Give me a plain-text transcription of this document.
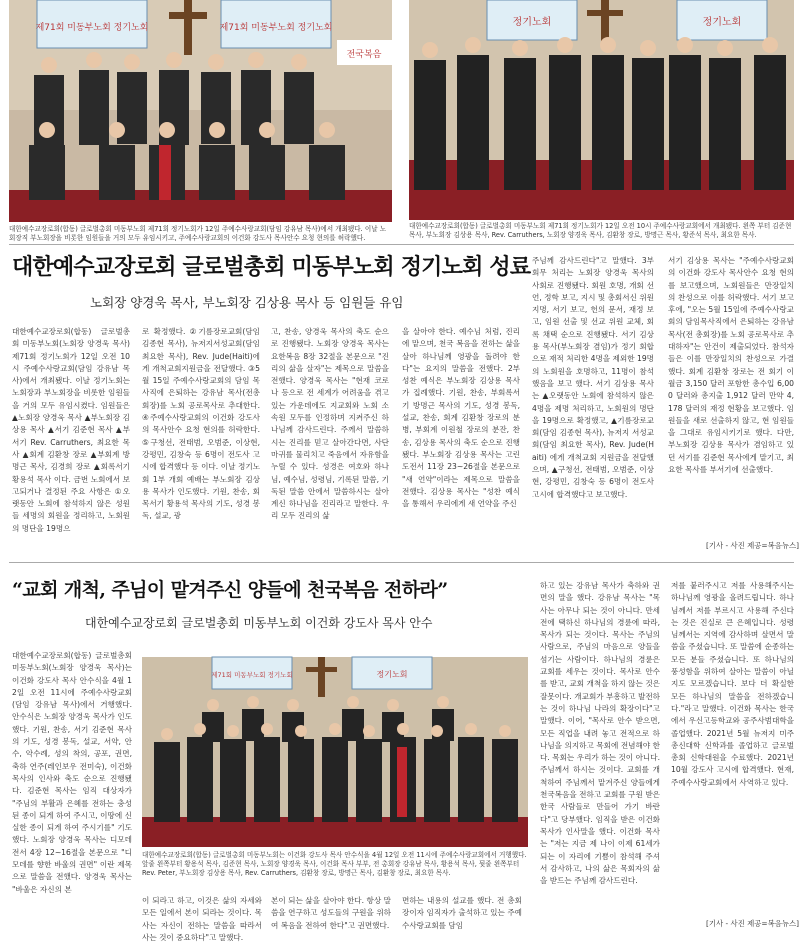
제71회 미동부노회 정기노회	제71회 미동부노회 정기노회
전국복음

대한예수교장로회(합동) 글로벌총회 미동부노회 제71회 정기노회가 12일 주예수사랑교회(담임 강유남 목사)에서 개최됐다. 이날 노회장직 부노회장을 비롯한 임원들을 거의 모두 유임시키고, 주예수사랑교회의 이건화 강도사 목사안수 요청 현의를 허락했다.

정기노회	정기노회

대한예수교장로회(합동) 글로벌총회 미동부노회 제71회 정기노회가 12일 오전 10시 주예수사랑교회에서 개최됐다. 왼쪽 부터 김준현 목사, 부노회장 김상용 목사, Rev. Carruthers, 노회장 양경욱 목사, 김환창 장로, 방명근 목사, 황준석 목사, 최요한 목사.

대한예수교장로회 글로벌총회 미동부노회 정기노회 성료

노회장 양경욱 목사, 부노회장 김상용 목사 등 임원들 유임

대한예수교장로회(합동) 글로벌총회 미동부노회(노회장 양경욱 목사) 제71회 정기노회가 12일 오전 10시 주예수사랑교회(담임 강유남 목사)에서 개최됐다. 이날 정기노회는 노회장과 부노회장을 비롯한 임원들을 거의 모두 유임시켰다. 임원들은 ▲노회장 양경욱 목사 ▲부노회장 김상용 목사 ▲서기 김준현 목사 ▲부서기 Rev. Carruthers, 최요한 목사 ▲회계 김환창 장로 ▲부회계 방명근 목사, 김경희 장로 ▲회록서기 황용석 목사 이다. 금번 노회에서 보고되거나 결정된 주요 사항은 ①오랫동안 노회에 참석하지 않은 성원들 세명의 회원을 정리하고, 노회원의 명단을 19명으
로 확정했다. ②기름장로교회(담임 김종현 목사), 뉴저지서성교회(담임 최요한 목사), Rev. Jude(Haiti)에게 개척교회지원금을 전달했다. ③5월 15일 주예수사랑교회의 담임 목사직에 은퇴하는 강유남 목사(전총회장)를 노회 공로목사로 추대한다. ④주예수사랑교회의 이건화 강도사의 목사안수 요청 현의를 허락한다. ⑤구청선, 전태범, 오범준, 이상현, 강평민, 김창숙 등 6명이 전도사 고시에 합격했다 등 이다. 이날 정기노회 1부 개회 예배는 부노회장 김상용 목사가 인도했다. 기원, 찬송, 회목서기 황용석 목사의 기도, 성경 봉독, 설교, 광
고, 찬송, 양경욱 목사의 축도 순으로 진행됐다. 노회장 양경욱 목사는 요한복음 8장 32절을 본문으로 "진리의 삶을 살자"는 제목으로 말씀을 전했다. 양경욱 목사는 "현재 코로나 등으로 전 세계가 어려움을 겪고 있는 가운데에도 지교회와 노회 소속원 모두를 인정하며 지켜주신 하나님께 감사드린다. 주께서 말씀하시는 진리를 믿고 살아간다면, 사단 마귀를 물리치고 죽음에서 자유함을 누릴 수 있다. 성경은 여호와 하나님, 예수님, 성령님, 기록된 말씀, 기독된 말씀 안에서 말씀하시는 살아계신 하나님을 진리라고 말한다. 우리 모두 진리의 삶
을 살아야 한다. 예수님 처럼, 진리에 맡으며, 천국 복음을 전하는 삶을 살아 하나님께 영광을 돌려야 한다"는 요지의 말씀을 전했다. 2부 성찬 예식은 부노회장 김상용 목사가 집례했다. 기원, 찬송, 부회록서기 방명근 목사의 기도, 성경 봉독, 설교, 찬송, 회계 김환창 장로의 분병, 부회계 이원철 장로의 분잔, 찬송, 김상용 목사의 축도 순으로 진행됐다. 부노회장 김상용 목사는 고린도전서 11장 23~26절을 본문으로 "새 언약"이라는 제목으로 말씀을 전했다. 김상용 목사는 "성찬 예식을 통해서 우리에게 새 언약을 주신
주님께 감사드린다"고 말했다. 3부 회무 처리는 노회장 양경욱 목사의 사회로 진행됐다. 회원 호명, 개회 선언, 정학 보고, 지시 및 총회서신 위원 지명, 서기 보고, 헌의 문서, 재정 보고, 임원 선출 및 선교 위원 교체, 회록 채택 순으로 진행됐다. 서기 김상용 목사(부노회장 겸임)가 정기 회합으로 재적 처리한 4명을 제외한 19명의 노회원을 호명하고, 11명이 참석했음을 보고 했다. 서기 김상용 목사는 ▲오랫동안 노회에 참석하지 않은 4명을 제명 처리하고, 노회원의 명단을 19명으로 확정했고, ▲기름장로교회(담임 김종현 목사), 뉴저지 서성교회(담임 최요한 목사), Rev. Jude(Haiti) 에게 개척교회 지원금을 전달했으며, ▲구청선, 전태범, 오범준, 이상현, 강평민, 김창숙 등 6명이 전도사 고시에 합격했다고 보고했다.
서기 김상용 목사는 "주예수사랑교회의 이건화 강도사 목사안수 요청 현의를 보고했으며, 노회원들은 만장일치의 찬성으로 이를 허락했다. 서기 보고 후에, "오는 5월 15일에 주예수사랑교회의 담임목사직에서 은퇴하는 강유남 목사(전 총회장)를 노회 공로목사로 추대하자"는 안건이 제출되었다. 참석자들은 이를 만장일치의 찬성으로 가결했다. 회계 김환창 장로는 전 회기 이월금 3,150 달러 포함한 총수입 6,000 달러와 총지출 1,912 달러 만약 4,178 달러의 재정 현황을 보고했다. 임원들을 새로 선출하지 않고, 현 임원들을 그대로 유임시키기로 했다. 다만, 부노회장 김상용 목사가 겸임하고 있던 서기를 김준현 목사에게 맡기고, 최요한 목사를 부서기에 선출했다.
[기사 - 사진 제공=복음뉴스]
“교회 개척, 주님이 맡겨주신 양들에 천국복음 전하라”

대한예수교장로회 글로벌총회 미동부노회 이건화 강도사 목사 안수

대한예수교장로회(합동) 글로벌총회 미동부노회(노회장 양경욱 목사)는 이건화 강도사 목사 안수식을 4월 12일 오전 11시에 주예수사랑교회(담임 강유남 목사)에서 거행했다. 안수식은 노회장 양경욱 목사가 인도했다. 기원, 찬송, 서기 김준현 목사의 기도, 성경 봉독, 설교, 서약, 안수, 악수례, 성의 착의, 공포, 권면, 축하 연주(레인보우 전미숙), 이건화 목사의 인사와 축도 순으로 진행됐다. 김준현 목사는 임직 대상자가 "주님의 부활과 은혜를 전하는 충성된 종이 되게 하여 주시고, 이땅에 신실한 종이 되게 하여 주시기를" 기도했다. 노회장 양경욱 목사는 디모데전서 4장 12~16절을 본문으로 "디모데를 향한 바울의 권면" 이란 제목으로 말씀을 전했다. 양경욱 목사는 "바울은 자신의 본
제71회 미동부노회 정기노회	정기노회

대한예수교장로회(합동) 글로벌총회 미동부노회는 이건화 강도사 목사 안수식을 4월 12일 오전 11시에 주예수사랑교회에서 거행했다. 앞줄 왼쪽부터 황용석 목사, 김준현 목사, 노회장 양경욱 목사, 이건화 목사 부부, 전 총회장 강유남 목사, 황용석 목사, 뒷줄 왼쪽부터 Rev. Peter, 부노회장 김상용 목사, Rev. Carruthers, 김환창 장로, 방명근 목사, 김환창 장로, 최요한 목사.

이 되라고 하고, 이것은 삶의 자세와 모든 일에서 본이 되라는 것이다. 목사는 자신이 전하는 말씀을 따라서 사는 것이 중요하다"고 말했다.
본이 되는 삶을 살아야 한다. 항상 말씀을 연구하고 성도들의 구원을 위하여 복음을 전하여 한다"고 권면했다.
면하는 내용의 설교를 했다. 전 총회장이자 임직자가 출석하고 있는 주예수사랑교회를 담임
하고 있는 강유남 목사가 축하와 권면의 말을 했다. 강유남 목사는 "목사는 아무나 되는 것이 아니다. 만세 전에 택하신 하나님의 경륜에 따라, 목사가 되는 것이다. 목사는 주님의 사람으로, 주님의 마음으로 양들을 섬기는 사람이다. 하나님의 경륜은 교회를 세우는 것이다. 목사로 안수를 받고, 교회 개척을 하지 않는 것은 잘못이다. 개교회가 부흥하고 발전하는 것이 하나님 나라의 확장이다"고 말했다. 이어, "목사로 안수 받으면, 모든 직업을 내려 놓고 전적으로 하나님을 의지하고 목회에 전념해야 한다. 목회는 우리가 하는 것이 아니다. 주님께서 하시는 것이다. 교회를 개척하여 주님께서 맡겨주신 양들에게 천국복음을 전하고 교회를 구원 받은 한국 사람들로 만들어 가기 바란다"고 당부했다. 임직을 받은 이건화 목사가 인사말을 했다. 이건화 목사는 "저는 지금 제 나이 이제 61세가 되는 이 자리에 기쁨이 참석해 주셔서 감사하고, 나의 삶은 목회자의 삶을 받드는 주님께 감사드린다.
저를 붙러주시고 저를 사용해주시는 하나님께 영광을 올려드립니다. 하나님께서 저를 부르시고 사용해 주신다는 것은 진실로 큰 은혜입니다. 성령님께서는 지역에 감사하며 살면서 말씀을 주셨습니다. 또 말씀에 순종하는 모든 분들 주셨습니다. 또 하나님의 풍성함을 위하여 살아는 말씀이 아닐지도 모르겠습니다. 보다 더 확실한 모든 하나님의 말씀을 전하겠습니다."라고 말했다. 이건화 목사는 한국에서 우신고등학교와 공주사범대학을 졸업했다. 2021년 5월 뉴저지 미주총신대학 신학과를 졸업하고 글로벌총회 신학대원을 수료했다. 2021년 10월 강도사 고시에 합격했다. 현재, 주예수사랑교회에서 사역하고 있다.
[기사 - 사진 제공=복음뉴스]
